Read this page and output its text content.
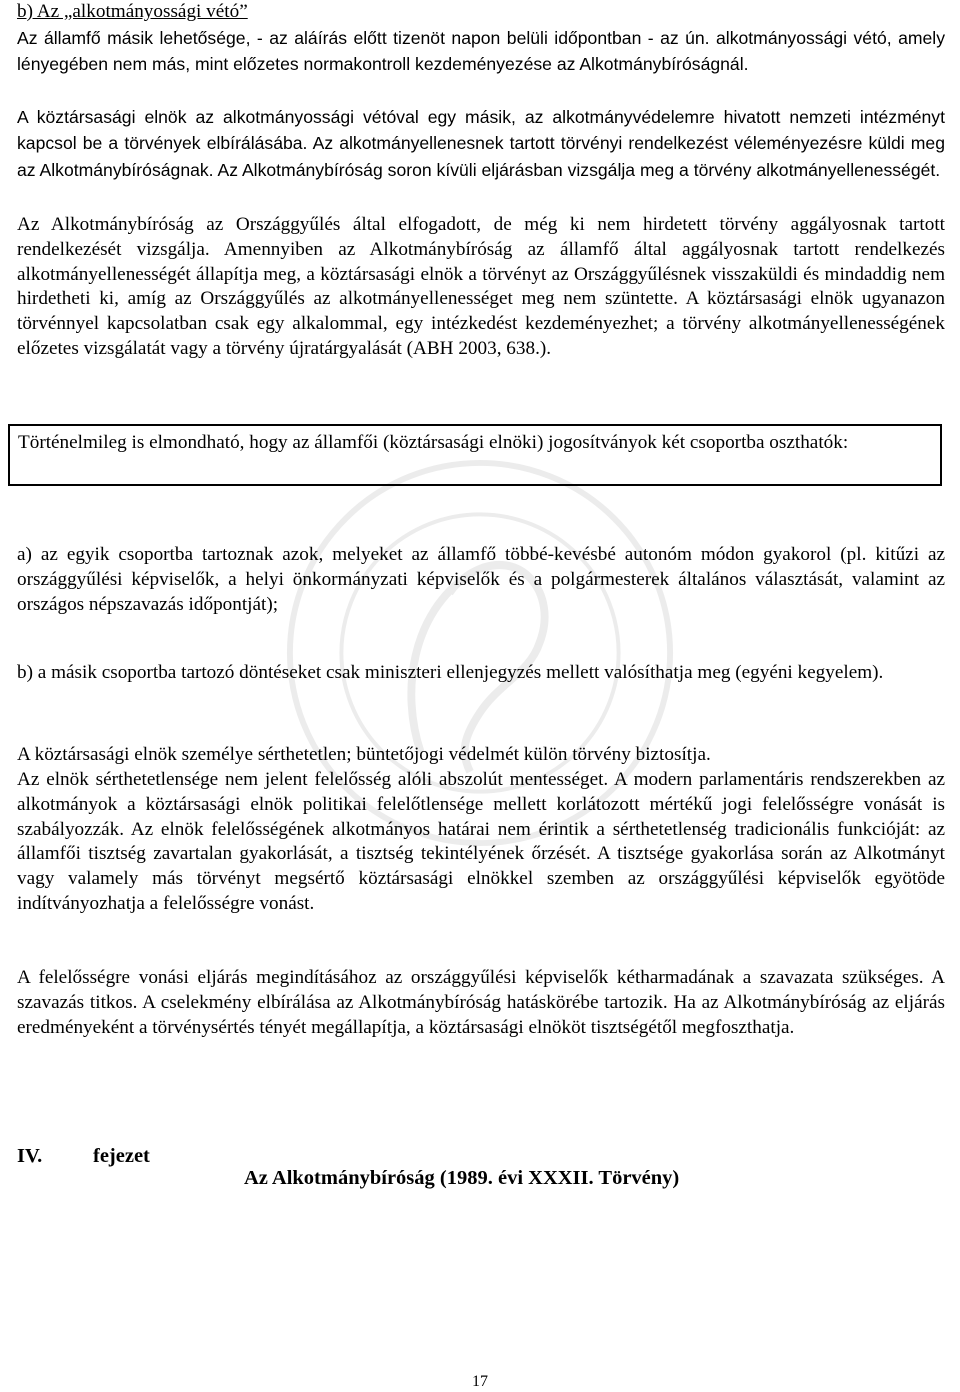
b) Az „alkotmányossági vétó”

Az államfő másik lehetősége, - az aláírás előtt tizenöt napon belüli időpontban - az ún. alkotmányossági vétó, amely lényegében nem más, mint előzetes normakontroll kezdeményezése az Alkotmánybíróságnál.

A köztársasági elnök az alkotmányossági vétóval egy másik, az alkotmányvédelemre hivatott nemzeti intézményt kapcsol be a törvények elbírálásába. Az alkotmányellenesnek tartott törvényi rendelkezést véleményezésre küldi meg az Alkotmánybíróságnak. Az Alkotmánybíróság soron kívüli eljárásban vizsgálja meg a törvény alkotmányellenességét.

Az Alkotmánybíróság az Országgyűlés által elfogadott, de még ki nem hirdetett törvény aggályosnak tartott rendelkezését vizsgálja. Amennyiben az Alkotmánybíróság az államfő által aggályosnak tartott rendelkezés alkotmányellenességét állapítja meg, a köztársasági elnök a törvényt az Országgyűlésnek visszaküldi és mindaddig nem hirdetheti ki, amíg az Országgyűlés az alkotmányellenességet meg nem szüntette. A köztársasági elnök ugyanazon törvénnyel kapcsolatban csak egy alkalommal, egy intézkedést kezdeményezhet; a törvény alkotmányellenességének előzetes vizsgálatát vagy a törvény újratárgyalását (ABH 2003, 638.).

Történelmileg is elmondható, hogy az államfői (köztársasági elnöki) jogosítványok két csoportba oszthatók:

a) az egyik csoportba tartoznak azok, melyeket az államfő többé-kevésbé autonóm módon gyakorol (pl. kitűzi az országgyűlési képviselők, a helyi önkormányzati képviselők és a polgármesterek általános választását, valamint az országos népszavazás időpontját);

b) a másik csoportba tartozó döntéseket csak miniszteri ellenjegyzés mellett valósíthatja meg (egyéni kegyelem).

A köztársasági elnök személye sérthetetlen; büntetőjogi védelmét külön törvény biztosítja.

Az elnök sérthetetlensége nem jelent felelősség alóli abszolút mentességet. A modern parlamentáris rendszerekben az alkotmányok a köztársasági elnök politikai felelőtlensége mellett korlátozott mértékű jogi felelősségre vonását is szabályozzák. Az elnök felelősségének alkotmányos határai nem érintik a sérthetetlenség tradicionális funkcióját: az államfői tisztség zavartalan gyakorlását, a tisztség tekintélyének őrzését. A tisztsége gyakorlása során az Alkotmányt vagy valamely más törvényt megsértő köztársasági elnökkel szemben az országgyűlési képviselők egyötöde indítványozhatja a felelősségre vonást.

A felelősségre vonási eljárás megindításához az országgyűlési képviselők kétharmadának a szavazata szükséges. A szavazás titkos. A cselekmény elbírálása az Alkotmánybíróság hatáskörébe tartozik. Ha az Alkotmánybíróság az eljárás eredményeként a törvénysértés tényét megállapítja, a köztársasági elnököt tisztségétől megfoszthatja.

IV. fejezet
Az Alkotmánybíróság (1989. évi XXXII. Törvény)
17
